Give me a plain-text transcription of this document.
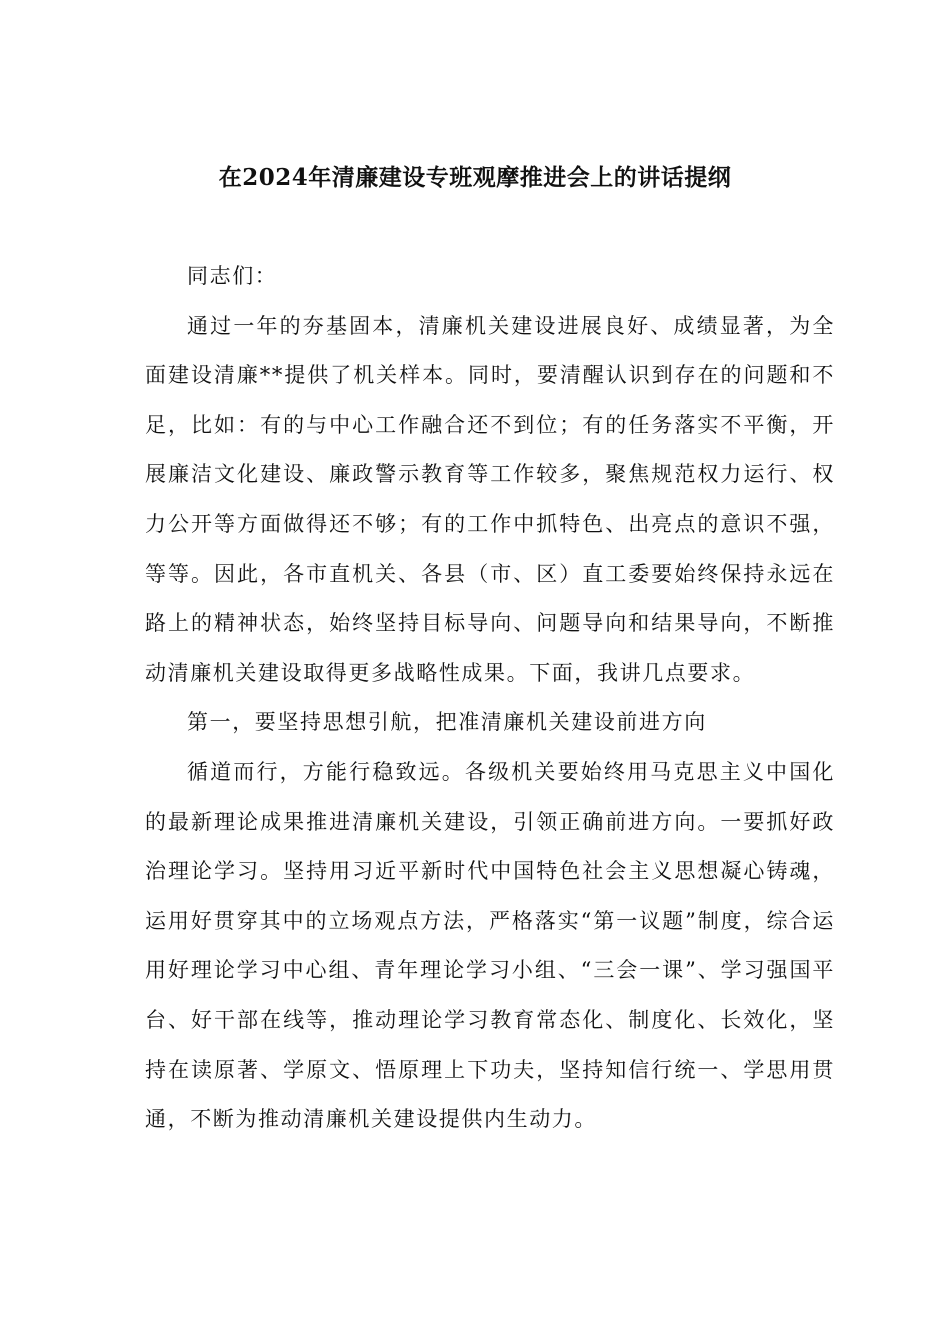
在2024年清廉建设专班观摩推进会上的讲话提纲

同志们：

通过一年的夯基固本，清廉机关建设进展良好、成绩显著，为全面建设清廉**提供了机关样本。同时，要清醒认识到存在的问题和不足，比如：有的与中心工作融合还不到位；有的任务落实不平衡，开展廉洁文化建设、廉政警示教育等工作较多，聚焦规范权力运行、权力公开等方面做得还不够；有的工作中抓特色、出亮点的意识不强，等等。因此，各市直机关、各县（市、区）直工委要始终保持永远在路上的精神状态，始终坚持目标导向、问题导向和结果导向，不断推动清廉机关建设取得更多战略性成果。下面，我讲几点要求。

第一，要坚持思想引航，把准清廉机关建设前进方向

循道而行，方能行稳致远。各级机关要始终用马克思主义中国化的最新理论成果推进清廉机关建设，引领正确前进方向。一要抓好政治理论学习。坚持用习近平新时代中国特色社会主义思想凝心铸魂，运用好贯穿其中的立场观点方法，严格落实“第一议题”制度，综合运用好理论学习中心组、青年理论学习小组、“三会一课”、学习强国平台、好干部在线等，推动理论学习教育常态化、制度化、长效化，坚持在读原著、学原文、悟原理上下功夫，坚持知信行统一、学思用贯通，不断为推动清廉机关建设提供内生动力。
